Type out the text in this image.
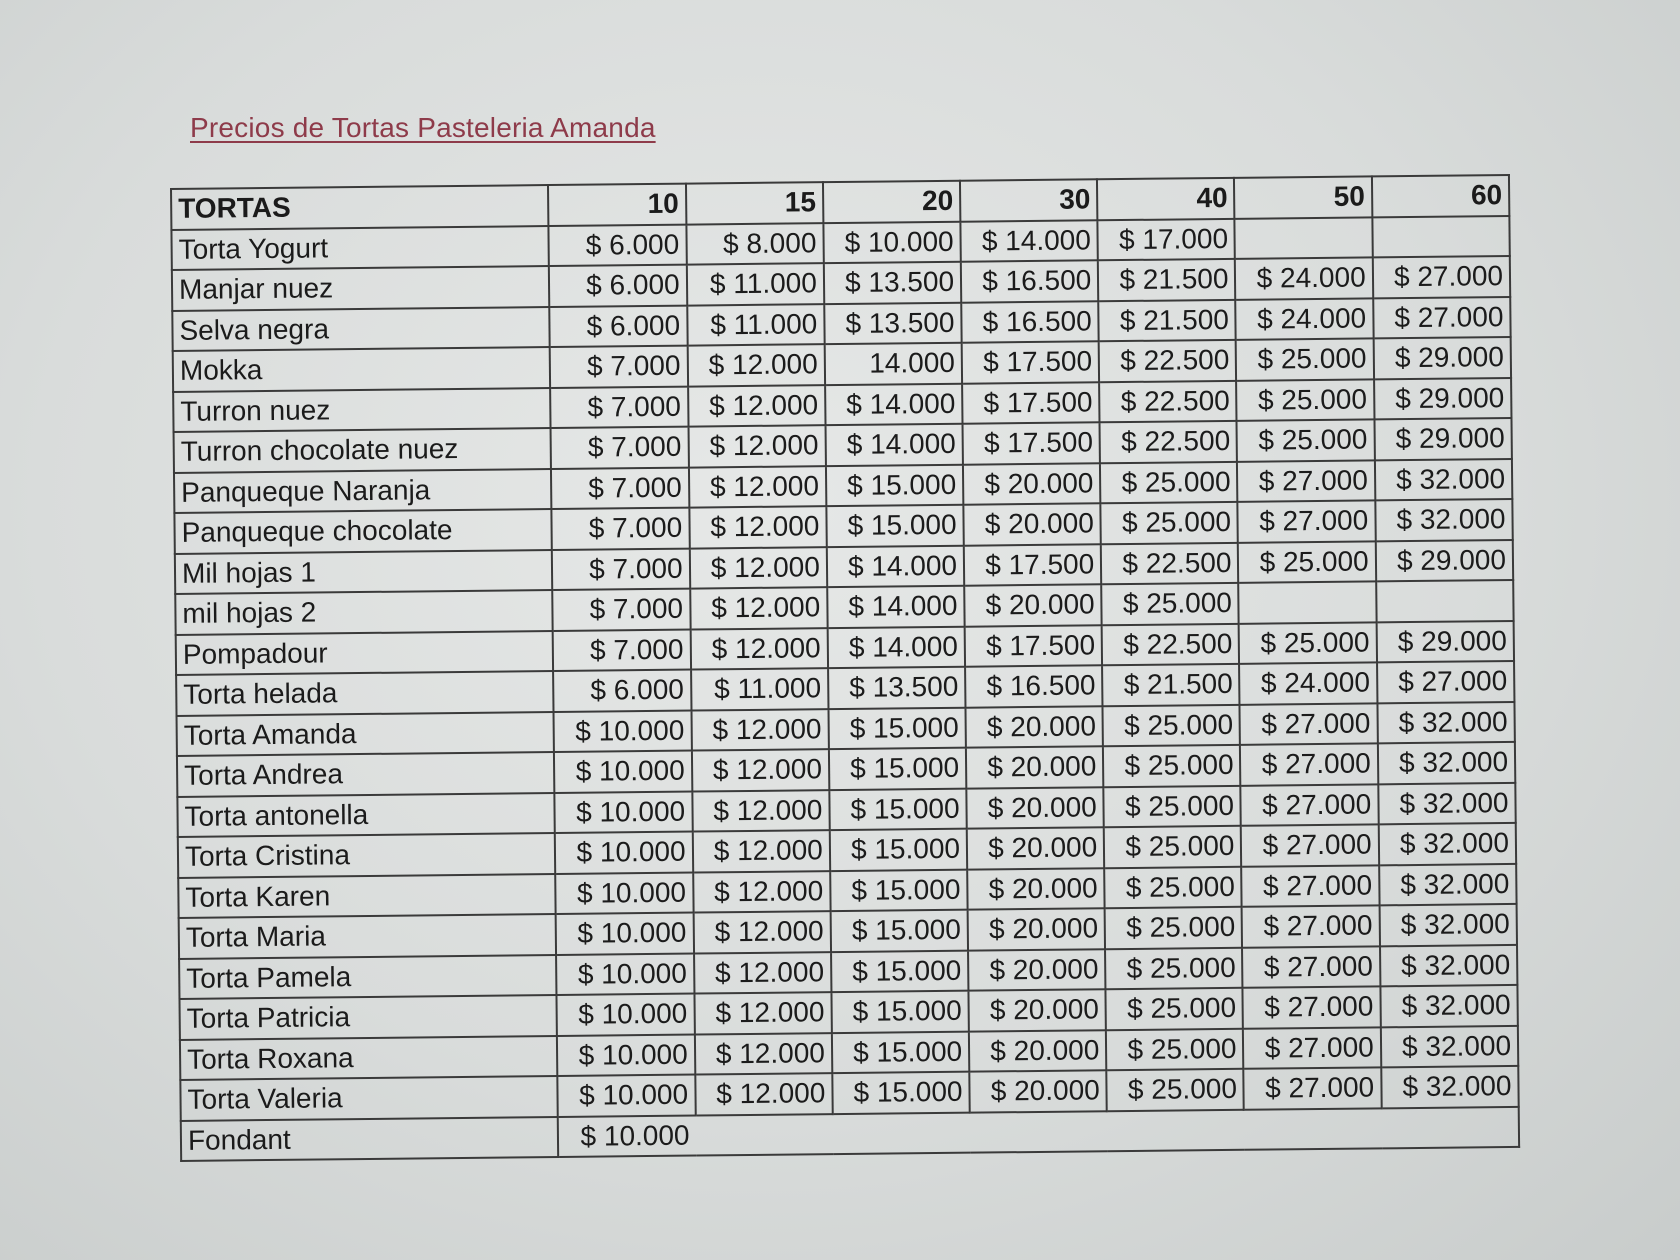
Precios de Tortas Pasteleria Amanda
TORTAS	10	15	20	30	40	50	60
Torta Yogurt	$ 6.000	$ 8.000	$ 10.000	$ 14.000	$ 17.000		
Manjar nuez	$ 6.000	$ 11.000	$ 13.500	$ 16.500	$ 21.500	$ 24.000	$ 27.000
Selva negra	$ 6.000	$ 11.000	$ 13.500	$ 16.500	$ 21.500	$ 24.000	$ 27.000
Mokka	$ 7.000	$ 12.000	14.000	$ 17.500	$ 22.500	$ 25.000	$ 29.000
Turron nuez	$ 7.000	$ 12.000	$ 14.000	$ 17.500	$ 22.500	$ 25.000	$ 29.000
Turron chocolate nuez	$ 7.000	$ 12.000	$ 14.000	$ 17.500	$ 22.500	$ 25.000	$ 29.000
Panqueque Naranja	$ 7.000	$ 12.000	$ 15.000	$ 20.000	$ 25.000	$ 27.000	$ 32.000
Panqueque chocolate	$ 7.000	$ 12.000	$ 15.000	$ 20.000	$ 25.000	$ 27.000	$ 32.000
Mil hojas 1	$ 7.000	$ 12.000	$ 14.000	$ 17.500	$ 22.500	$ 25.000	$ 29.000
mil hojas 2	$ 7.000	$ 12.000	$ 14.000	$ 20.000	$ 25.000		
Pompadour	$ 7.000	$ 12.000	$ 14.000	$ 17.500	$ 22.500	$ 25.000	$ 29.000
Torta helada	$ 6.000	$ 11.000	$ 13.500	$ 16.500	$ 21.500	$ 24.000	$ 27.000
Torta Amanda	$ 10.000	$ 12.000	$ 15.000	$ 20.000	$ 25.000	$ 27.000	$ 32.000
Torta Andrea	$ 10.000	$ 12.000	$ 15.000	$ 20.000	$ 25.000	$ 27.000	$ 32.000
Torta antonella	$ 10.000	$ 12.000	$ 15.000	$ 20.000	$ 25.000	$ 27.000	$ 32.000
Torta Cristina	$ 10.000	$ 12.000	$ 15.000	$ 20.000	$ 25.000	$ 27.000	$ 32.000
Torta Karen	$ 10.000	$ 12.000	$ 15.000	$ 20.000	$ 25.000	$ 27.000	$ 32.000
Torta Maria	$ 10.000	$ 12.000	$ 15.000	$ 20.000	$ 25.000	$ 27.000	$ 32.000
Torta Pamela	$ 10.000	$ 12.000	$ 15.000	$ 20.000	$ 25.000	$ 27.000	$ 32.000
Torta Patricia	$ 10.000	$ 12.000	$ 15.000	$ 20.000	$ 25.000	$ 27.000	$ 32.000
Torta Roxana	$ 10.000	$ 12.000	$ 15.000	$ 20.000	$ 25.000	$ 27.000	$ 32.000
Torta Valeria	$ 10.000	$ 12.000	$ 15.000	$ 20.000	$ 25.000	$ 27.000	$ 32.000
Fondant	$ 10.000						
